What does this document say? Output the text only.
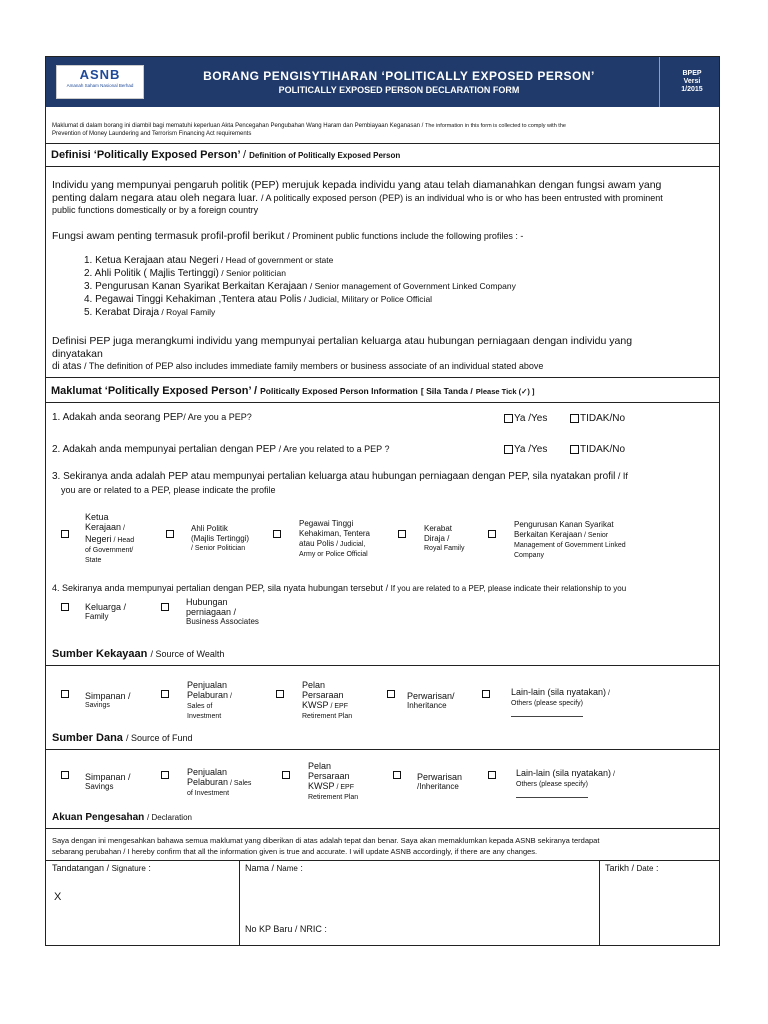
ASNB
Amanah Saham Nasional Berhad
BORANG PENGISYTIHARAN ‘POLITICALLY EXPOSED PERSON’
POLITICALLY EXPOSED PERSON DECLARATION FORM
BPEP
Versi
1/2015
Maklumat di dalam borang ini diambil bagi mematuhi keperluan Akta Pencegahan Pengubahan Wang Haram dan Pembiayaan Keganasan / The information in this form is collected to comply with the
Prevention of Money Laundering and Terrorism Financing Act requirements
Definisi ‘Politically Exposed Person’ / Definition of Politically Exposed Person
Individu yang mempunyai pengaruh politik (PEP) merujuk kepada individu yang atau telah diamanahkan dengan fungsi awam yang
penting dalam negara atau oleh negara luar. / A politically exposed person (PEP) is an individual who is or who has been entrusted with prominent
public functions domestically or by a foreign country
Fungsi awam penting termasuk profil-profil berikut / Prominent public functions include the following profiles : -
1. Ketua Kerajaan atau Negeri / Head of government or state
2. Ahli Politik ( Majlis Tertinggi) / Senior politician
3. Pengurusan Kanan Syarikat Berkaitan Kerajaan / Senior management of Government Linked Company
4. Pegawai Tinggi Kehakiman ,Tentera atau Polis / Judicial, Military or Police Official
5. Kerabat Diraja / Royal Family
Definisi PEP juga merangkumi individu yang mempunyai pertalian keluarga atau hubungan perniagaan dengan individu yang
dinyatakan
di atas / The definition of PEP also includes immediate family members or business associate of an individual stated above
Maklumat ‘Politically Exposed Person’ / Politically Exposed Person Information [ Sila Tanda / Please Tick (✓) ]
1. Adakah anda seorang PEP/ Are you a PEP?	Ya /Yes	TIDAK/No
2. Adakah anda mempunyai pertalian dengan PEP / Are you related to a PEP ?	Ya /Yes	TIDAK/No
3. Sekiranya anda adalah PEP atau mempunyai pertalian keluarga atau hubungan perniagaan dengan PEP, sila nyatakan profil / If
you are or related to a PEP, please indicate the profile
Ketua
Kerajaan /
Negeri / Head
of Government/
State
Ahli Politik
(Majlis Tertinggi)
/ Senior Politician
Pegawai Tinggi
Kehakiman, Tentera
atau Polis / Judicial,
Army or Police Official
Kerabat
Diraja /
Royal Family
Pengurusan Kanan Syarikat
Berkaitan Kerajaan / Senior
Management of Government Linked
Company
4. Sekiranya anda mempunyai pertalian dengan PEP, sila nyata hubungan tersebut / If you are related to a PEP, please indicate their relationship to you
Keluarga /
Family
Hubungan
perniagaan /
Business Associates
Sumber Kekayaan / Source of Wealth
Simpanan /
Savings
Penjualan
Pelaburan /
Sales of
Investment
Pelan
Persaraan
KWSP / EPF
Retirement Plan
Perwarisan/
Inheritance
Lain-lain (sila nyatakan) /
Others (please specify)
Sumber Dana / Source of Fund
Simpanan /
Savings
Penjualan
Pelaburan / Sales
of Investment
Pelan
Persaraan
KWSP / EPF
Retirement Plan
Perwarisan
/Inheritance
Lain-lain (sila nyatakan) /
Others (please specify)
Akuan Pengesahan / Declaration
Saya dengan ini mengesahkan bahawa semua maklumat yang diberikan di atas adalah tepat dan benar. Saya akan memaklumkan kepada ASNB sekiranya terdapat
sebarang perubahan / I hereby confirm that all the information given is true and accurate. I will update ASNB accordingly, if there are any changes.
Tandatangan / Signature :
X
Nama / Name :
No KP Baru / NRIC :
Tarikh / Date :
